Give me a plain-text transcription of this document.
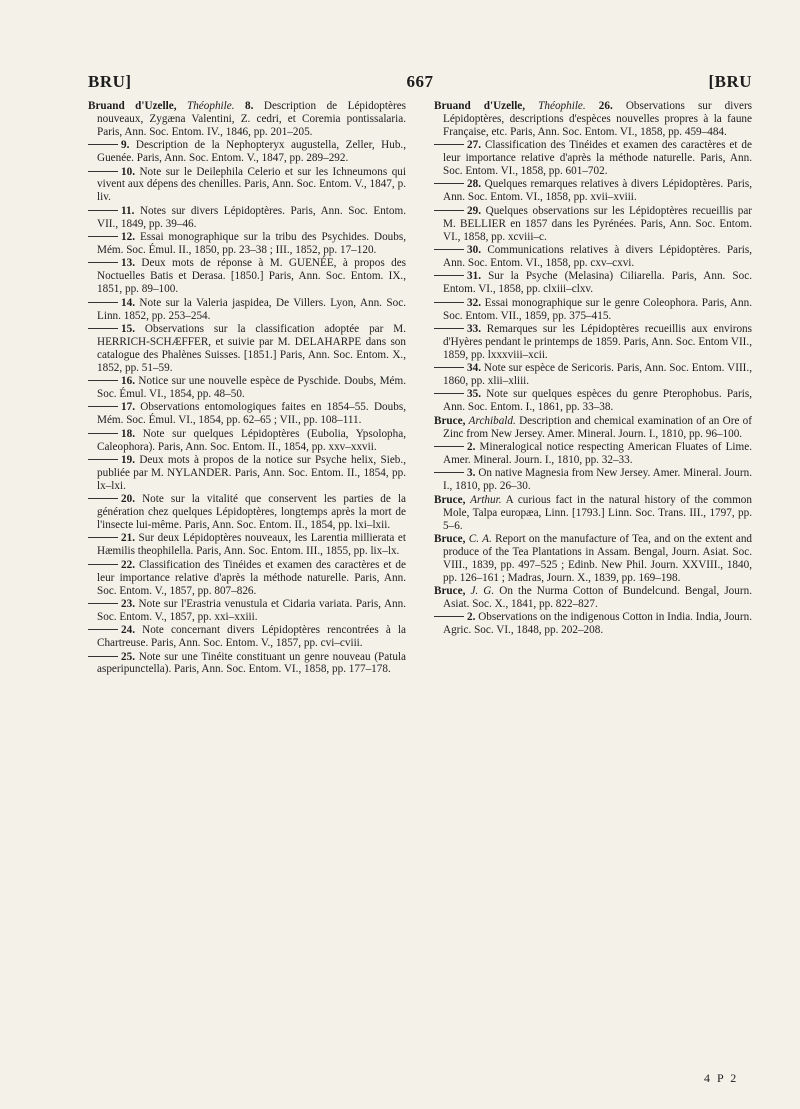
BRU]	667	[BRU

Bruand d'Uzelle, Théophile. 8. Description de Lépidoptères nouveaux, Zygæna Valentini, Z. cedri, et Coremia pontissalaria. Paris, Ann. Soc. Entom. IV., 1846, pp. 201–205.

9. Description de la Nephopteryx augustella, Zeller, Hub., Guenée. Paris, Ann. Soc. Entom. V., 1847, pp. 289–292.

10. Note sur le Deilephila Celerio et sur les Ichneumons qui vivent aux dépens des chenilles. Paris, Ann. Soc. Entom. V., 1847, p. liv.

11. Notes sur divers Lépidoptères. Paris, Ann. Soc. Entom. VII., 1849, pp. 39–46.

12. Essai monographique sur la tribu des Psychides. Doubs, Mém. Soc. Émul. II., 1850, pp. 23–38 ; III., 1852, pp. 17–120.

13. Deux mots de réponse à M. GUENÉE, à propos des Noctuelles Batis et Derasa. [1850.] Paris, Ann. Soc. Entom. IX., 1851, pp. 89–100.

14. Note sur la Valeria jaspidea, De Villers. Lyon, Ann. Soc. Linn. 1852, pp. 253–254.

15. Observations sur la classification adoptée par M. HERRICH-SCHÆFFER, et suivie par M. DELAHARPE dans son catalogue des Phalènes Suisses. [1851.] Paris, Ann. Soc. Entom. X., 1852, pp. 51–59.

16. Notice sur une nouvelle espèce de Pyschide. Doubs, Mém. Soc. Émul. VI., 1854, pp. 48–50.

17. Observations entomologiques faites en 1854–55. Doubs, Mém. Soc. Émul. VI., 1854, pp. 62–65 ; VII., pp. 108–111.

18. Note sur quelques Lépidoptères (Eubolia, Ypsolopha, Caleophora). Paris, Ann. Soc. Entom. II., 1854, pp. xxv–xxvii.

19. Deux mots à propos de la notice sur Psyche helix, Sieb., publiée par M. NYLANDER. Paris, Ann. Soc. Entom. II., 1854, pp. lx–lxi.

20. Note sur la vitalité que conservent les parties de la génération chez quelques Lépidoptères, longtemps après la mort de l'insecte lui-même. Paris, Ann. Soc. Entom. II., 1854, pp. lxi–lxii.

21. Sur deux Lépidoptères nouveaux, les Larentia millierata et Hæmilis theophilella. Paris, Ann. Soc. Entom. III., 1855, pp. lix–lx.

22. Classification des Tinéides et examen des caractères et de leur importance relative d'après la méthode naturelle. Paris, Ann. Soc. Entom. V., 1857, pp. 807–826.

23. Note sur l'Erastria venustula et Cidaria variata. Paris, Ann. Soc. Entom. V., 1857, pp. xxi–xxiii.

24. Note concernant divers Lépidoptères rencontrées à la Chartreuse. Paris, Ann. Soc. Entom. V., 1857, pp. cvi–cviii.

25. Note sur une Tinéite constituant un genre nouveau (Patula asperipunctella). Paris, Ann. Soc. Entom. VI., 1858, pp. 177–178.

Bruand d'Uzelle, Théophile. 26. Observations sur divers Lépidoptères, descriptions d'espèces nouvelles propres à la faune Française, etc. Paris, Ann. Soc. Entom. VI., 1858, pp. 459–484.

27. Classification des Tinéides et examen des caractères et de leur importance relative d'après la méthode naturelle. Paris, Ann. Soc. Entom. VI., 1858, pp. 601–702.

28. Quelques remarques relatives à divers Lépidoptères. Paris, Ann. Soc. Entom. VI., 1858, pp. xvii–xviii.

29. Quelques observations sur les Lépidoptères recueillis par M. BELLIER en 1857 dans les Pyrénées. Paris, Ann. Soc. Entom. VI., 1858, pp. xcviii–c.

30. Communications relatives à divers Lépidoptères. Paris, Ann. Soc. Entom. VI., 1858, pp. cxv–cxvi.

31. Sur la Psyche (Melasina) Ciliarella. Paris, Ann. Soc. Entom. VI., 1858, pp. clxiii–clxv.

32. Essai monographique sur le genre Coleophora. Paris, Ann. Soc. Entom. VII., 1859, pp. 375–415.

33. Remarques sur les Lépidoptères recueillis aux environs d'Hyères pendant le printemps de 1859. Paris, Ann. Soc. Entom VII., 1859, pp. lxxxviii–xcii.

34. Note sur espèce de Sericoris. Paris, Ann. Soc. Entom. VIII., 1860, pp. xlii–xliii.

35. Note sur quelques espèces du genre Pterophobus. Paris, Ann. Soc. Entom. I., 1861, pp. 33–38.

Bruce, Archibald. Description and chemical examination of an Ore of Zinc from New Jersey. Amer. Mineral. Journ. I., 1810, pp. 96–100.

2. Mineralogical notice respecting American Fluates of Lime. Amer. Mineral. Journ. I., 1810, pp. 32–33.

3. On native Magnesia from New Jersey. Amer. Mineral. Journ. I., 1810, pp. 26–30.

Bruce, Arthur. A curious fact in the natural history of the common Mole, Talpa europæa, Linn. [1793.] Linn. Soc. Trans. III., 1797, pp. 5–6.

Bruce, C. A. Report on the manufacture of Tea, and on the extent and produce of the Tea Plantations in Assam. Bengal, Journ. Asiat. Soc. VIII., 1839, pp. 497–525 ; Edinb. New Phil. Journ. XXVIII., 1840, pp. 126–161 ; Madras, Journ. X., 1839, pp. 169–198.

Bruce, J. G. On the Nurma Cotton of Bundelcund. Bengal, Journ. Asiat. Soc. X., 1841, pp. 822–827.

2. Observations on the indigenous Cotton in India. India, Journ. Agric. Soc. VI., 1848, pp. 202–208.

4 P 2
